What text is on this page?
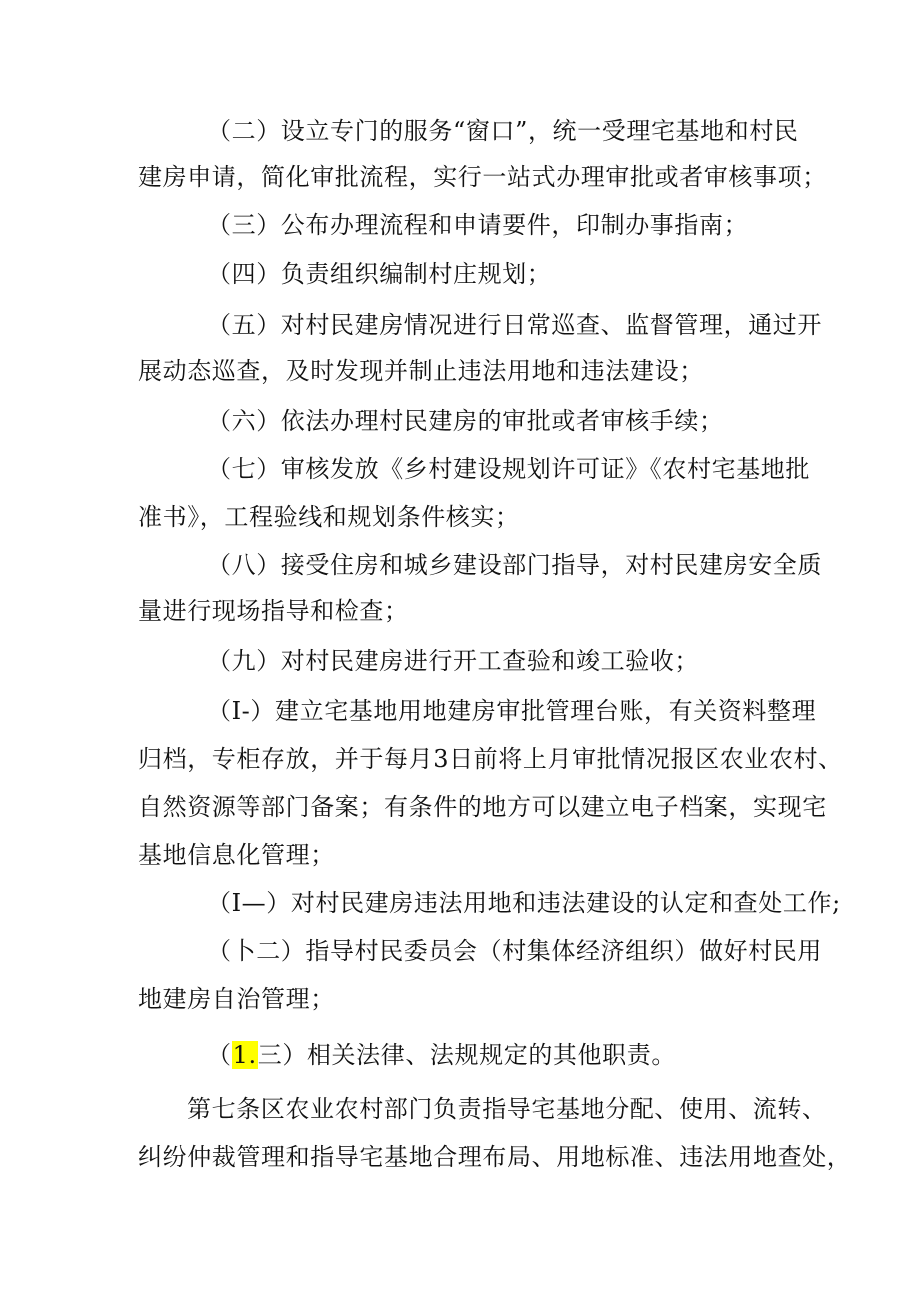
（二）设立专门的服务“窗口”，统一受理宅基地和村民
建房申请，简化审批流程，实行一站式办理审批或者审核事项；
（三）公布办理流程和申请要件，印制办事指南；
（四）负责组织编制村庄规划；
（五）对村民建房情况进行日常巡查、监督管理，通过开
展动态巡查，及时发现并制止违法用地和违法建设；
（六）依法办理村民建房的审批或者审核手续；
（七）审核发放《乡村建设规划许可证》《农村宅基地批
准书》，工程验线和规划条件核实；
（八）接受住房和城乡建设部门指导，对村民建房安全质
量进行现场指导和检查；
（九）对村民建房进行开工查验和竣工验收；
（I-）建立宅基地用地建房审批管理台账，有关资料整理
归档，专柜存放，并于每月3日前将上月审批情况报区农业农村、
自然资源等部门备案；有条件的地方可以建立电子档案，实现宅
基地信息化管理；
（I—）对村民建房违法用地和违法建设的认定和查处工作;
（卜二）指导村民委员会（村集体经济组织）做好村民用
地建房自治管理；
（1.三）相关法律、法规规定的其他职责。
第七条区农业农村部门负责指导宅基地分配、使用、流转、
纠纷仲裁管理和指导宅基地合理布局、用地标准、违法用地查处，
